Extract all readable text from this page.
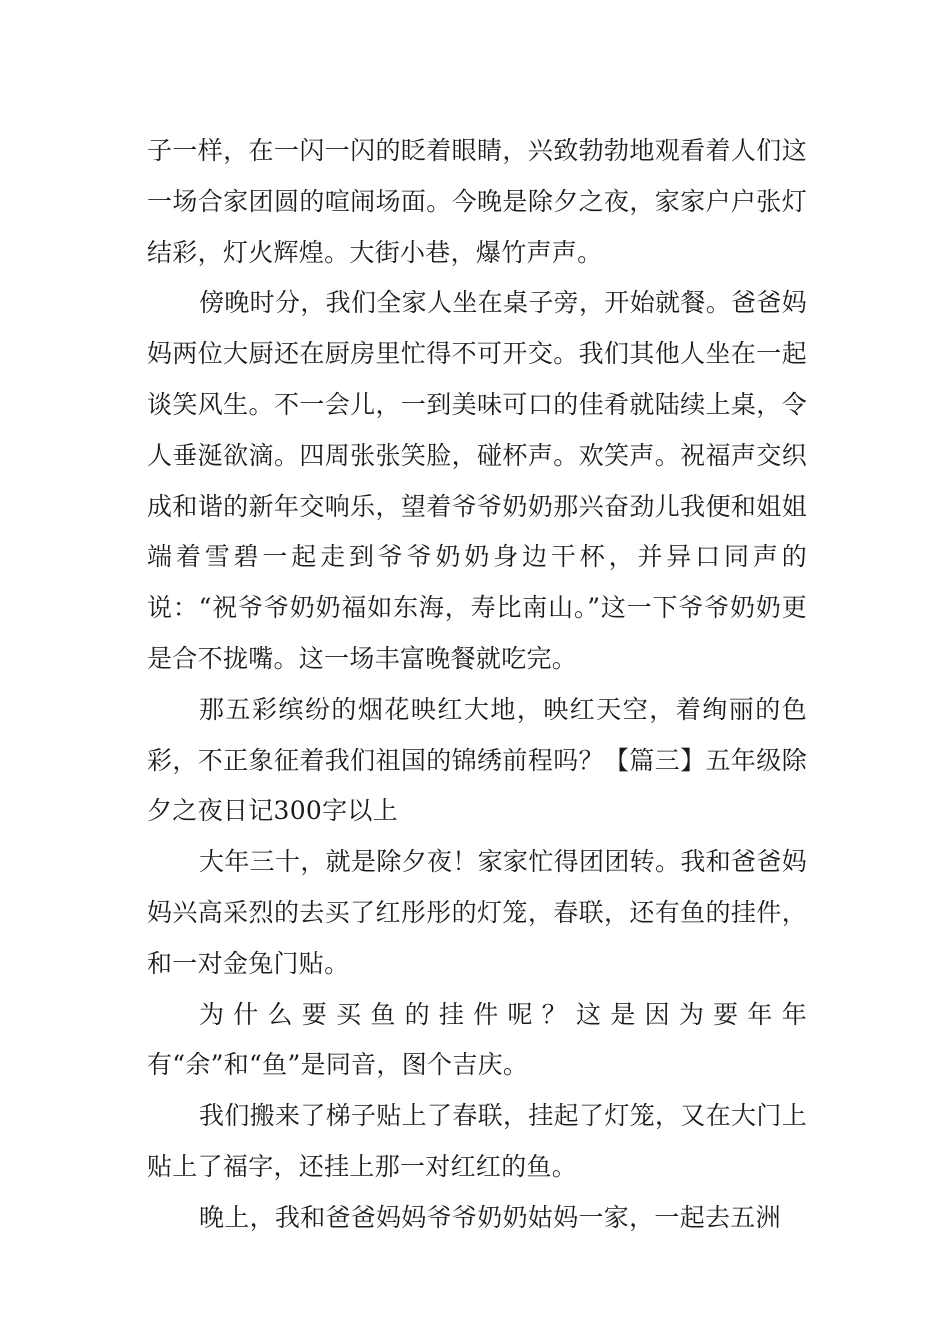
子一样，在一闪一闪的眨着眼睛，兴致勃勃地观看着人们这一场合家团圆的喧闹场面。今晚是除夕之夜，家家户户张灯结彩，灯火辉煌。大街小巷，爆竹声声。

傍晚时分，我们全家人坐在桌子旁，开始就餐。爸爸妈妈两位大厨还在厨房里忙得不可开交。我们其他人坐在一起谈笑风生。不一会儿，一到美味可口的佳肴就陆续上桌，令人垂涎欲滴。四周张张笑脸，碰杯声。欢笑声。祝福声交织成和谐的新年交响乐，望着爷爷奶奶那兴奋劲儿我便和姐姐端着雪碧一起走到爷爷奶奶身边干杯，并异口同声的说：“祝爷爷奶奶福如东海，寿比南山。”这一下爷爷奶奶更是合不拢嘴。这一场丰富晚餐就吃完。

那五彩缤纷的烟花映红大地，映红天空，着绚丽的色彩，不正象征着我们祖国的锦绣前程吗？【篇三】五年级除夕之夜日记300字以上

大年三十，就是除夕夜！家家忙得团团转。我和爸爸妈妈兴高采烈的去买了红彤彤的灯笼，春联，还有鱼的挂件，和一对金兔门贴。

为什么要买鱼的挂件呢？这是因为要年年有“余”和“鱼”是同音，图个吉庆。

我们搬来了梯子贴上了春联，挂起了灯笼，又在大门上贴上了福字，还挂上那一对红红的鱼。

晚上，我和爸爸妈妈爷爷奶奶姑妈一家，一起去五洲
